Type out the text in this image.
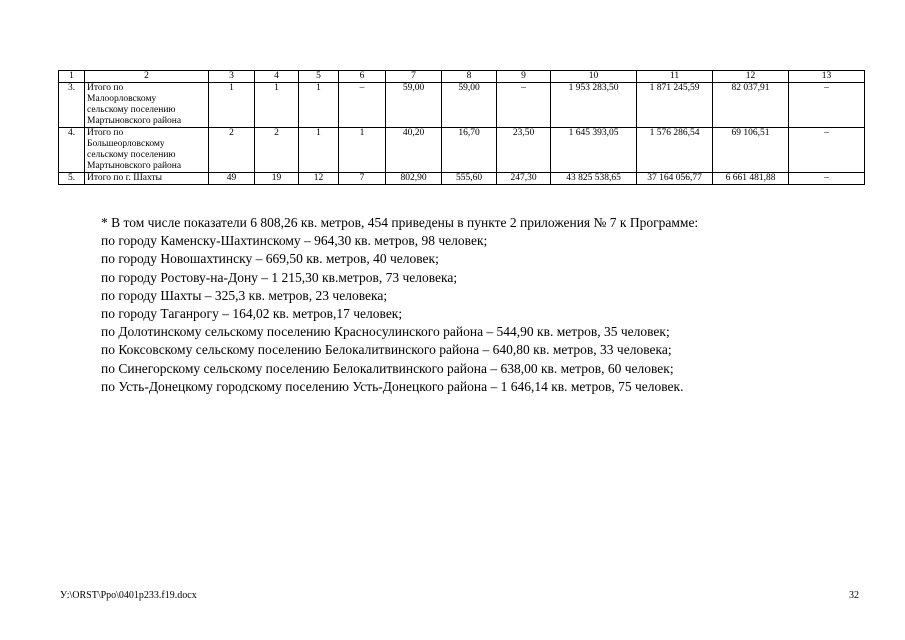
1	2	3	4	5	6	7	8	9	10	11	12	13
3.	Итого по
Малоорловскому
сельскому поселению
Мартыновского района	1	1	1	–	59,00	59,00	–	1 953 283,50	1 871 245,59	82 037,91	–
4.	Итого по
Большеорловскому
сельскому поселению
Мартыновского района	2	2	1	1	40,20	16,70	23,50	1 645 393,05	1 576 286,54	69 106,51	–
5.	Итого по г. Шахты	49	19	12	7	802,90	555,60	247,30	43 825 538,65	37 164 056,77	6 661 481,88	–
* В том числе показатели 6 808,26 кв. метров, 454 приведены в пункте 2 приложения № 7 к Программе:
по городу Каменску-Шахтинскому – 964,30 кв. метров, 98 человек;
по городу Новошахтинску – 669,50 кв. метров, 40 человек;
по городу Ростову-на-Дону – 1 215,30 кв.метров, 73 человека;
по городу Шахты – 325,3 кв. метров, 23 человека;
по городу Таганрогу – 164,02 кв. метров,17 человек;
по Долотинскому сельскому поселению Красносулинского района – 544,90 кв. метров, 35 человек;
по Коксовскому сельскому поселению Белокалитвинского района – 640,80 кв. метров, 33 человека;
по Синегорскому сельскому поселению Белокалитвинского района – 638,00 кв. метров, 60 человек;
по Усть-Донецкому городскому поселению Усть-Донецкого района – 1 646,14 кв. метров, 75 человек.
У:\ORST\Ppo\0401p233.f19.docx	32
